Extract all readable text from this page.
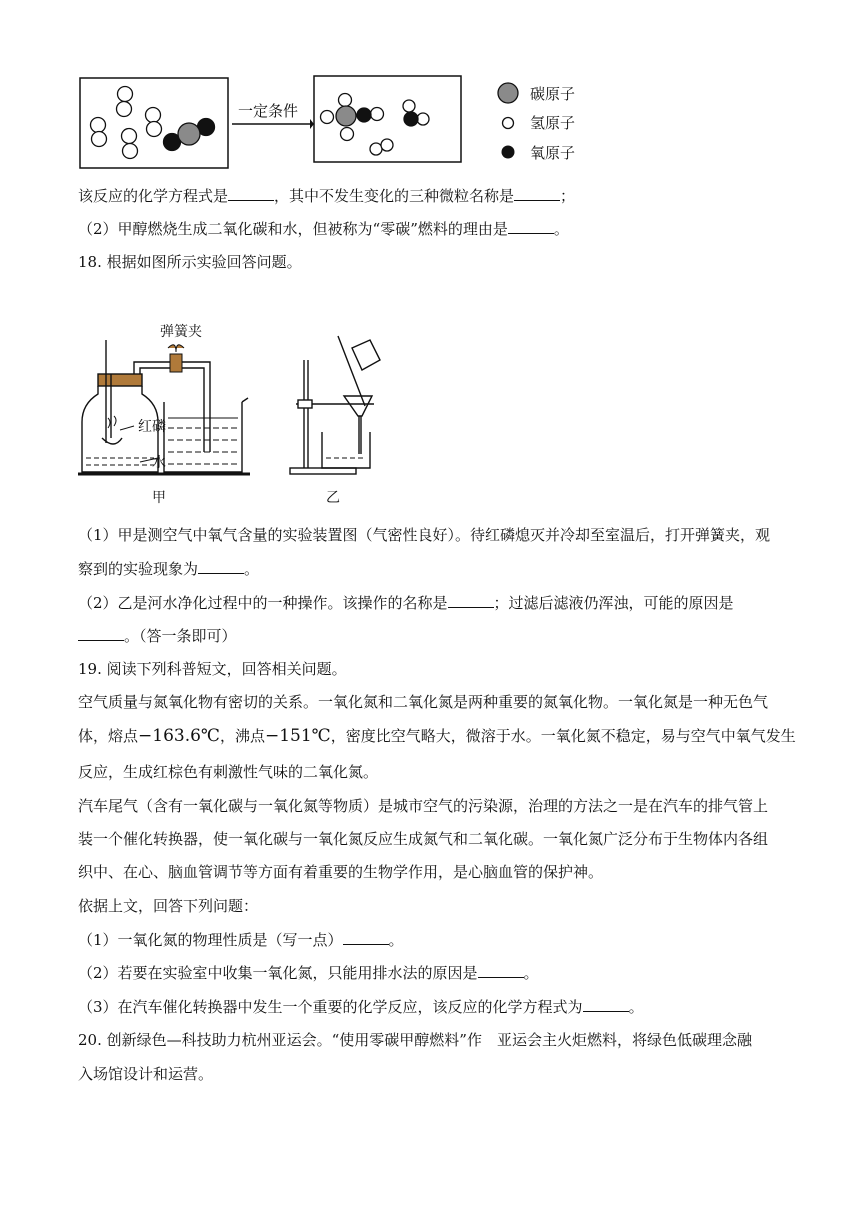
一定条件
碳原子
氢原子
氧原子
该反应的化学方程式是	，其中不发生变化的三种微粒名称是	；
（2）甲醇燃烧生成二氧化碳和水，但被称为“零碳”燃料的理由是	。
18. 根据如图所示实验回答问题。
弹簧夹
红磷
水
甲	乙
（1）甲是测空气中氧气含量的实验装置图（气密性良好）。待红磷熄灭并冷却至室温后，打开弹簧夹，观
察到的实验现象为	。
（2）乙是河水净化过程中的一种操作。该操作的名称是	；过滤后滤液仍浑浊，可能的原因是
。（答一条即可）
19. 阅读下列科普短文，回答相关问题。
空气质量与氮氧化物有密切的关系。一氧化氮和二氧化氮是两种重要的氮氧化物。一氧化氮是一种无色气
体，熔点−163.6℃，沸点−151℃，密度比空气略大，微溶于水。一氧化氮不稳定，易与空气中氧气发生
反应，生成红棕色有刺激性气味的二氧化氮。
汽车尾气（含有一氧化碳与一氧化氮等物质）是城市空气的污染源，治理的方法之一是在汽车的排气管上
装一个催化转换器，使一氧化碳与一氧化氮反应生成氮气和二氧化碳。一氧化氮广泛分布于生物体内各组
织中、在心、脑血管调节等方面有着重要的生物学作用，是心脑血管的保护神。
依据上文，回答下列问题：
（1）一氧化氮的物理性质是（写一点）	。
（2）若要在实验室中收集一氧化氮，只能用排水法的原因是	。
（3）在汽车催化转换器中发生一个重要的化学反应，该反应的化学方程式为	。
20. 创新绿色—科技助力杭州亚运会。“使用零碳甲醇燃料”作　亚运会主火炬燃料，将绿色低碳理念融
入场馆设计和运营。
